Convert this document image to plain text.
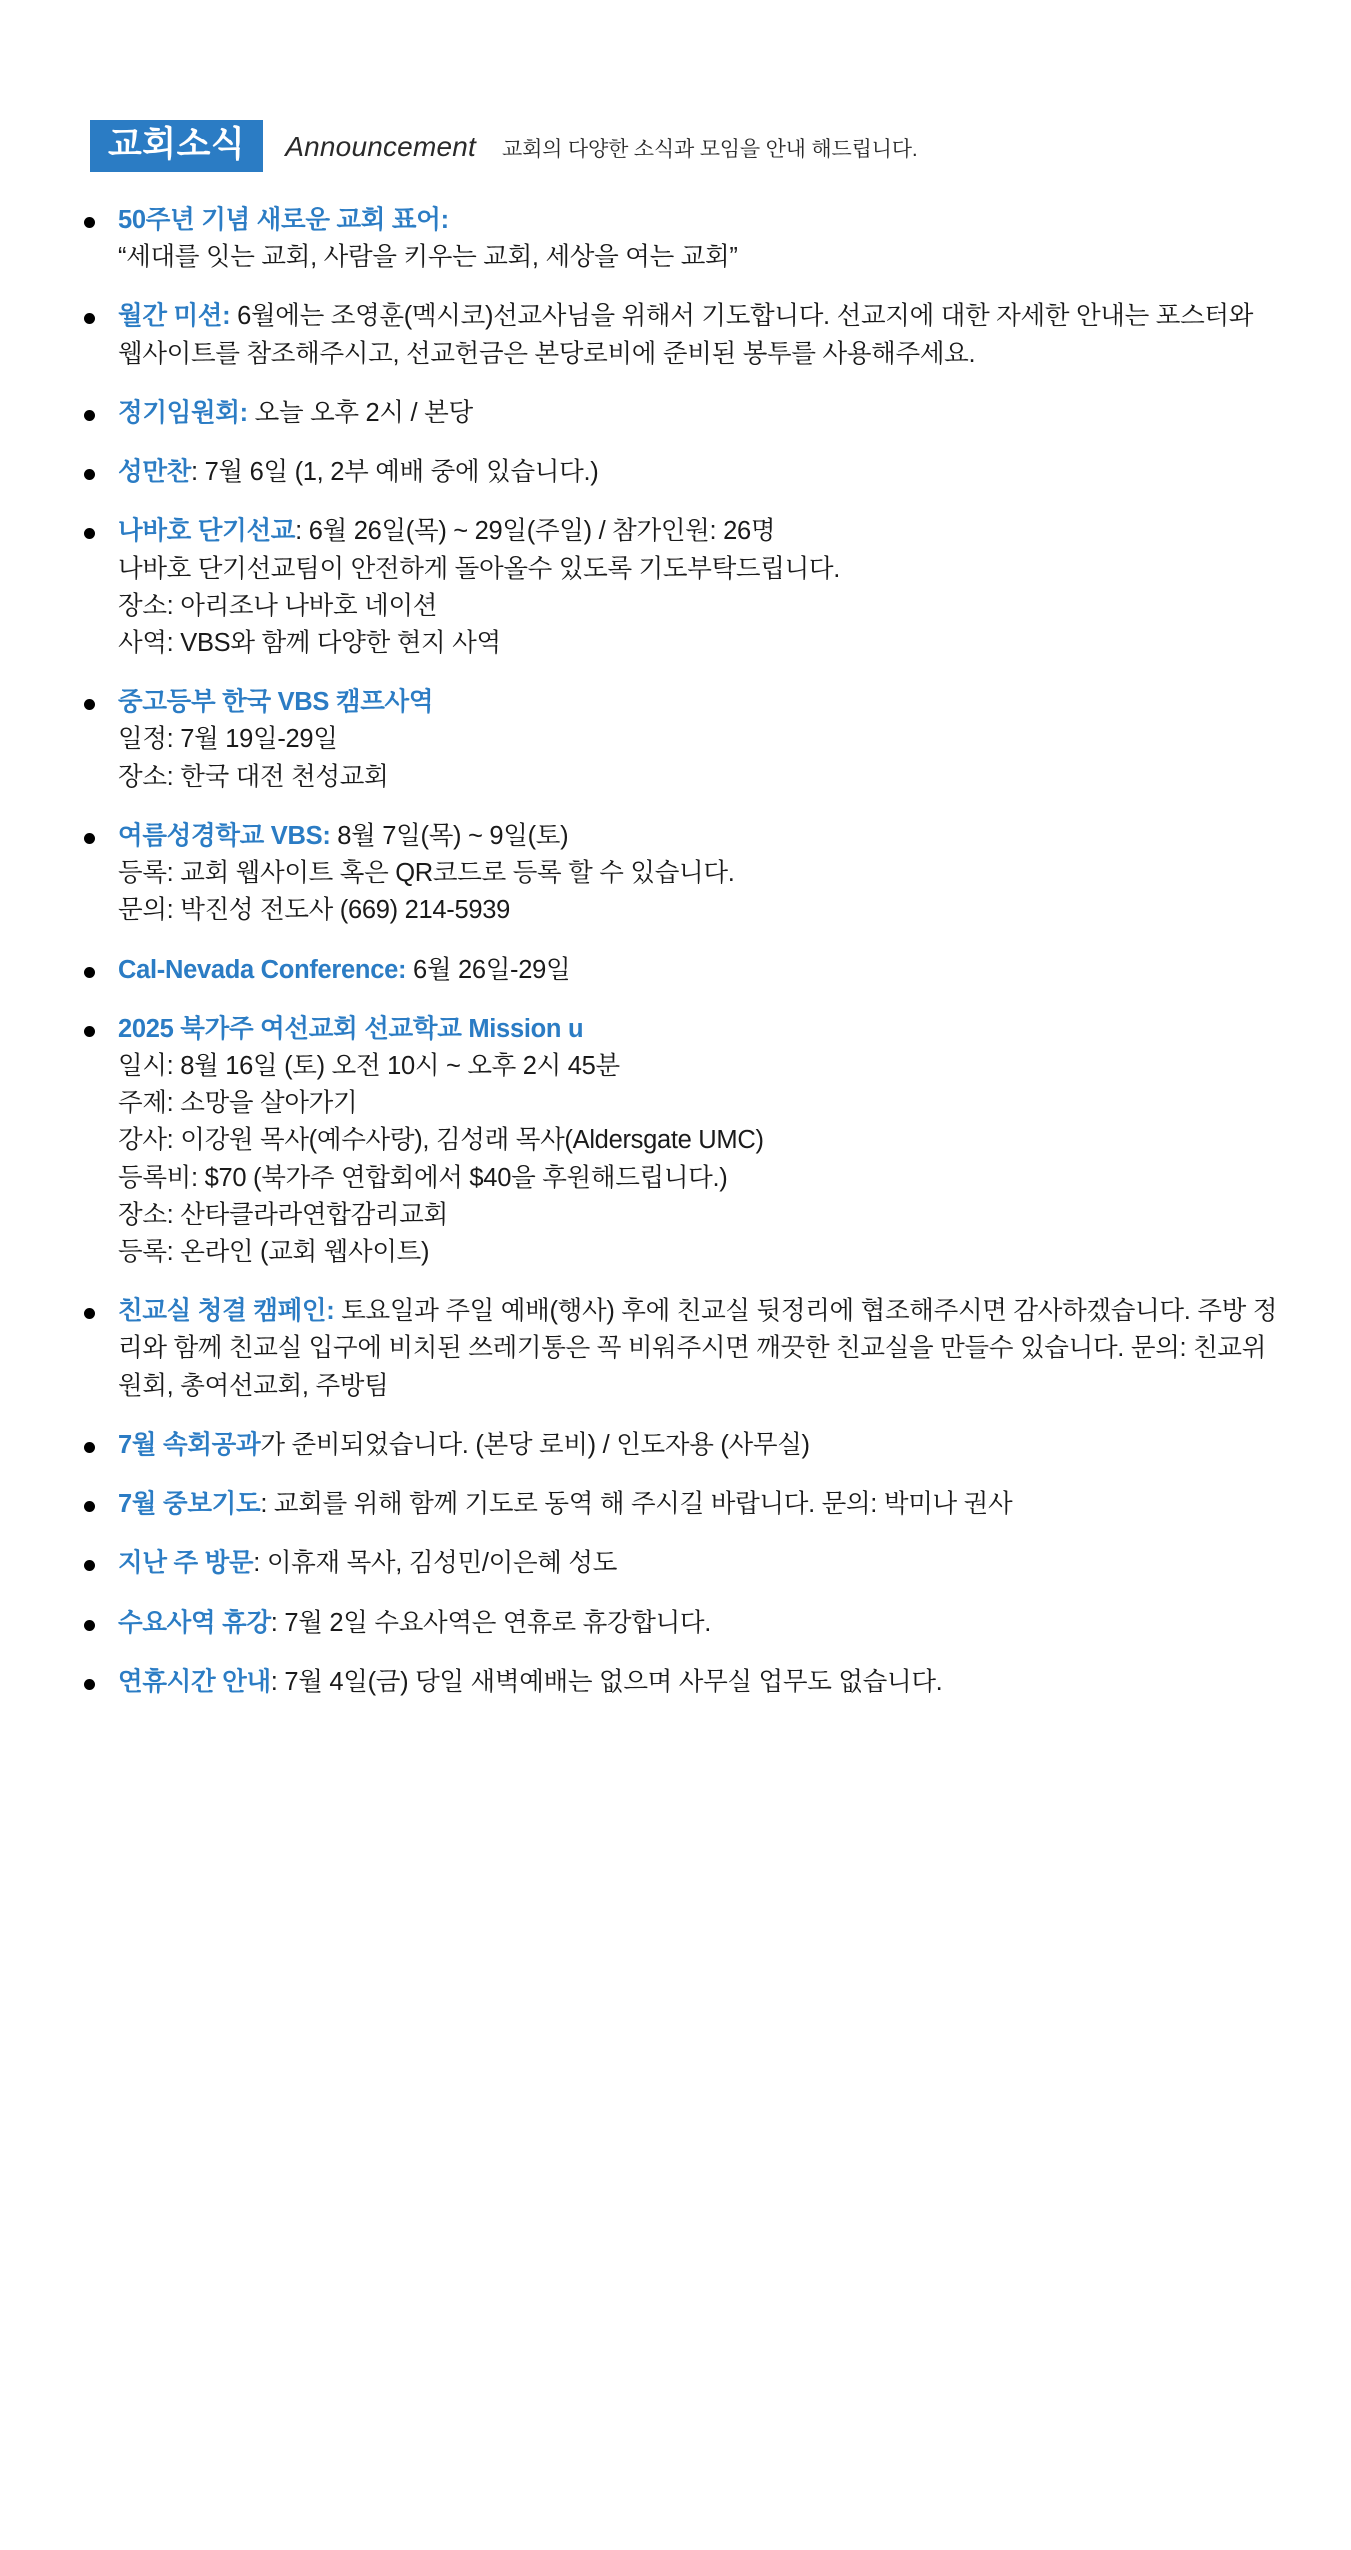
교회소식	Announcement 교회의 다양한 소식과 모임을 안내 해드립니다.
50주년 기념 새로운 교회 표어:
“세대를 잇는 교회, 사람을 키우는 교회, 세상을 여는 교회”
월간 미션: 6월에는 조영훈(멕시코)선교사님을 위해서 기도합니다. 선교지에 대한 자세한 안내는 포스터와 웹사이트를 참조해주시고, 선교헌금은 본당로비에 준비된 봉투를 사용해주세요.
정기임원회: 오늘 오후 2시 / 본당
성만찬: 7월 6일 (1, 2부 예배 중에 있습니다.)
나바호 단기선교: 6월 26일(목) ~ 29일(주일) / 참가인원: 26명
나바호 단기선교팀이 안전하게 돌아올수 있도록 기도부탁드립니다.
장소: 아리조나 나바호 네이션
사역: VBS와 함께 다양한 현지 사역
중고등부 한국 VBS 캠프사역
일정: 7월 19일-29일
장소: 한국 대전 천성교회
여름성경학교 VBS: 8월 7일(목) ~ 9일(토)
등록: 교회 웹사이트 혹은 QR코드로 등록 할 수 있습니다.
문의: 박진성 전도사 (669) 214-5939
Cal-Nevada Conference: 6월 26일-29일
2025 북가주 여선교회 선교학교 Mission u
일시: 8월 16일 (토) 오전 10시 ~ 오후 2시 45분
주제: 소망을 살아가기
강사: 이강원 목사(예수사랑), 김성래 목사(Aldersgate UMC)
등록비: $70 (북가주 연합회에서 $40을 후원해드립니다.)
장소: 산타클라라연합감리교회
등록: 온라인 (교회 웹사이트)
친교실 청결 캠페인: 토요일과 주일 예배(행사) 후에 친교실 뒷정리에 협조해주시면 감사하겠습니다. 주방 정리와 함께 친교실 입구에 비치된 쓰레기통은 꼭 비워주시면 깨끗한 친교실을 만들수 있습니다. 문의: 친교위원회, 총여선교회, 주방팀
7월 속회공과가 준비되었습니다. (본당 로비) / 인도자용 (사무실)
7월 중보기도: 교회를 위해 함께 기도로 동역 해 주시길 바랍니다. 문의: 박미나 권사
지난 주 방문: 이휴재 목사, 김성민/이은혜 성도
수요사역 휴강: 7월 2일 수요사역은 연휴로 휴강합니다.
연휴시간 안내: 7월 4일(금) 당일 새벽예배는 없으며 사무실 업무도 없습니다.
